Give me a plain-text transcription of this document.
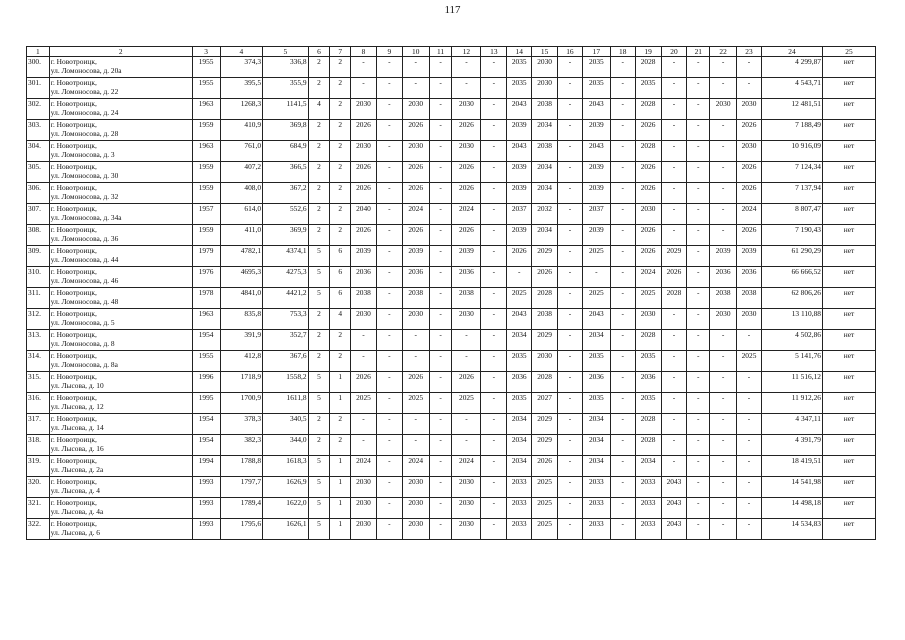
117
1	2	3	4	5	6	7	8	9	10	11	12	13	14	15	16	17	18	19	20	21	22	23	24	25
300.	г. Новотроицк,
ул. Ломоносова, д. 20а	1955	374,3	336,8	2	2	-	-	-	-	-	-	2035	2030	-	2035	-	2028	-	-	-	-	4 299,87	нет
301.	г. Новотроицк,
ул. Ломоносова, д. 22	1955	395,5	355,9	2	2	-	-	-	-	-	-	2035	2030	-	2035	-	2035	-	-	-	-	4 543,71	нет
302.	г. Новотроицк,
ул. Ломоносова, д. 24	1963	1268,3	1141,5	4	2	2030	-	2030	-	2030	-	2043	2038	-	2043	-	2028	-	-	2030	2030	12 481,51	нет
303.	г. Новотроицк,
ул. Ломоносова, д. 28	1959	410,9	369,8	2	2	2026	-	2026	-	2026	-	2039	2034	-	2039	-	2026	-	-	-	2026	7 188,49	нет
304.	г. Новотроицк,
ул. Ломоносова, д. 3	1963	761,0	684,9	2	2	2030	-	2030	-	2030	-	2043	2038	-	2043	-	2028	-	-	-	2030	10 916,09	нет
305.	г. Новотроицк,
ул. Ломоносова, д. 30	1959	407,2	366,5	2	2	2026	-	2026	-	2026	-	2039	2034	-	2039	-	2026	-	-	-	2026	7 124,34	нет
306.	г. Новотроицк,
ул. Ломоносова, д. 32	1959	408,0	367,2	2	2	2026	-	2026	-	2026	-	2039	2034	-	2039	-	2026	-	-	-	2026	7 137,94	нет
307.	г. Новотроицк,
ул. Ломоносова, д. 34а	1957	614,0	552,6	2	2	2040	-	2024	-	2024	-	2037	2032	-	2037	-	2030	-	-	-	2024	8 807,47	нет
308.	г. Новотроицк,
ул. Ломоносова, д. 36	1959	411,0	369,9	2	2	2026	-	2026	-	2026	-	2039	2034	-	2039	-	2026	-	-	-	2026	7 190,43	нет
309.	г. Новотроицк,
ул. Ломоносова, д. 44	1979	4782,1	4374,1	5	6	2039	-	2039	-	2039	-	2026	2029	-	2025	-	2026	2029	-	2039	2039	61 290,29	нет
310.	г. Новотроицк,
ул. Ломоносова, д. 46	1976	4695,3	4275,3	5	6	2036	-	2036	-	2036	-	-	2026	-	-	-	2024	2026	-	2036	2036	66 666,52	нет
311.	г. Новотроицк,
ул. Ломоносова, д. 48	1978	4841,0	4421,2	5	6	2038	-	2038	-	2038	-	2025	2028	-	2025	-	2025	2028	-	2038	2038	62 806,26	нет
312.	г. Новотроицк,
ул. Ломоносова, д. 5	1963	835,8	753,3	2	4	2030	-	2030	-	2030	-	2043	2038	-	2043	-	2030	-	-	2030	2030	13 110,88	нет
313.	г. Новотроицк,
ул. Ломоносова, д. 8	1954	391,9	352,7	2	2	-	-	-	-	-	-	2034	2029	-	2034	-	2028	-	-	-	-	4 502,86	нет
314.	г. Новотроицк,
ул. Ломоносова, д. 8а	1955	412,8	367,6	2	2	-	-	-	-	-	-	2035	2030	-	2035	-	2035	-	-	-	2025	5 141,76	нет
315.	г. Новотроицк,
ул. Лысова, д. 10	1996	1718,9	1558,2	5	1	2026	-	2026	-	2026	-	2036	2028	-	2036	-	2036	-	-	-	-	11 516,12	нет
316.	г. Новотроицк,
ул. Лысова, д. 12	1995	1700,9	1611,8	5	1	2025	-	2025	-	2025	-	2035	2027	-	2035	-	2035	-	-	-	-	11 912,26	нет
317.	г. Новотроицк,
ул. Лысова, д. 14	1954	378,3	340,5	2	2	-	-	-	-	-	-	2034	2029	-	2034	-	2028	-	-	-	-	4 347,11	нет
318.	г. Новотроицк,
ул. Лысова, д. 16	1954	382,3	344,0	2	2	-	-	-	-	-	-	2034	2029	-	2034	-	2028	-	-	-	-	4 391,79	нет
319.	г. Новотроицк,
ул. Лысова, д. 2а	1994	1788,8	1618,3	5	1	2024	-	2024	-	2024	-	2034	2026	-	2034	-	2034	-	-	-	-	18 419,51	нет
320.	г. Новотроицк,
ул. Лысова, д. 4	1993	1797,7	1626,9	5	1	2030	-	2030	-	2030	-	2033	2025	-	2033	-	2033	2043	-	-	-	14 541,98	нет
321.	г. Новотроицк,
ул. Лысова, д. 4а	1993	1789,4	1622,0	5	1	2030	-	2030	-	2030	-	2033	2025	-	2033	-	2033	2043	-	-	-	14 498,18	нет
322.	г. Новотроицк,
ул. Лысова, д. 6	1993	1795,6	1626,1	5	1	2030	-	2030	-	2030	-	2033	2025	-	2033	-	2033	2043	-	-	-	14 534,83	нет
